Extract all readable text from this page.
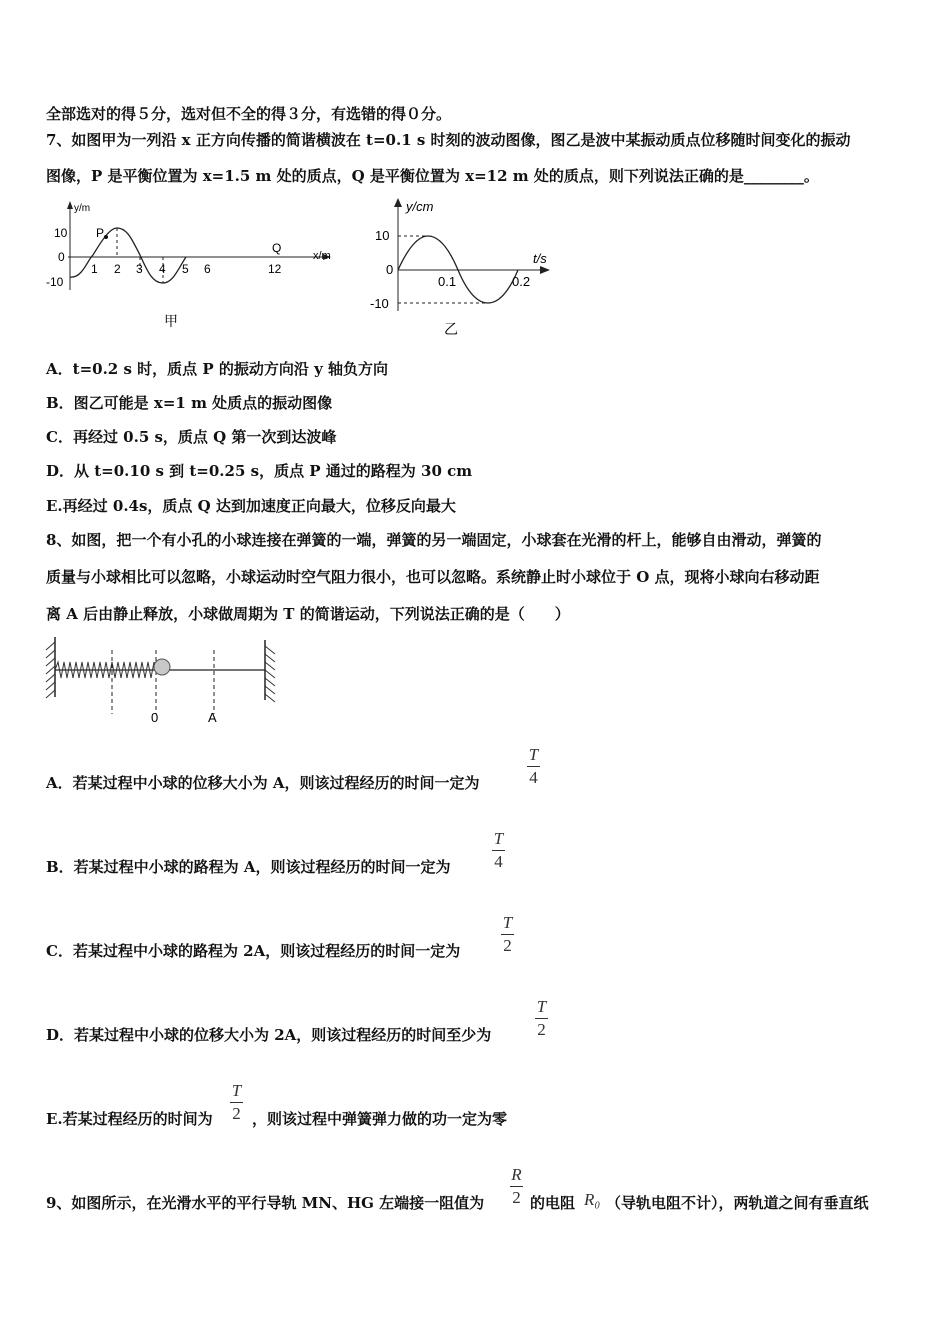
全部选对的得５分，选对但不全的得３分，有选错的得０分。
7、如图甲为一列沿 x 正方向传播的简谐横波在 t=0.1 s 时刻的波动图像，图乙是波中某振动质点位移随时间变化的振动
图像，P 是平衡位置为 x=1.5 m 处的质点，Q 是平衡位置为 x=12 m 处的质点，则下列说法正确的是________。
y/m
x/m
10
0
-10
P
Q
1 2 3 4 5 6	12
甲
y/cm
t/s
10
0
-10
0.1	0.2
乙
A．t=0.2 s 时，质点 P 的振动方向沿 y 轴负方向
B．图乙可能是 x=1 m 处质点的振动图像
C．再经过 0.5 s，质点 Q 第一次到达波峰
D．从 t=0.10 s 到 t=0.25 s，质点 P 通过的路程为 30 cm
E.再经过 0.4s，质点 Q 达到加速度正向最大，位移反向最大
8、如图，把一个有小孔的小球连接在弹簧的一端，弹簧的另一端固定，小球套在光滑的杆上，能够自由滑动，弹簧的
质量与小球相比可以忽略，小球运动时空气阻力很小，也可以忽略。系统静止时小球位于 O 点，现将小球向右移动距
离 A 后由静止释放，小球做周期为 T 的简谐运动，下列说法正确的是（　　）
0	A
A．若某过程中小球的位移大小为 A，则该过程经历的时间一定为
T
4
B．若某过程中小球的路程为 A，则该过程经历的时间一定为
T
4
C．若某过程中小球的路程为 2A，则该过程经历的时间一定为
T
2
D．若某过程中小球的位移大小为 2A，则该过程经历的时间至少为
T
2
E.若某过程经历的时间为
T
2 ，则该过程中弹簧弹力做的功一定为零
9、如图所示，在光滑水平的平行导轨 MN、HG 左端接一阻值为
R
2 的电阻 R₀ （导轨电阻不计），两轨道之间有垂直纸
